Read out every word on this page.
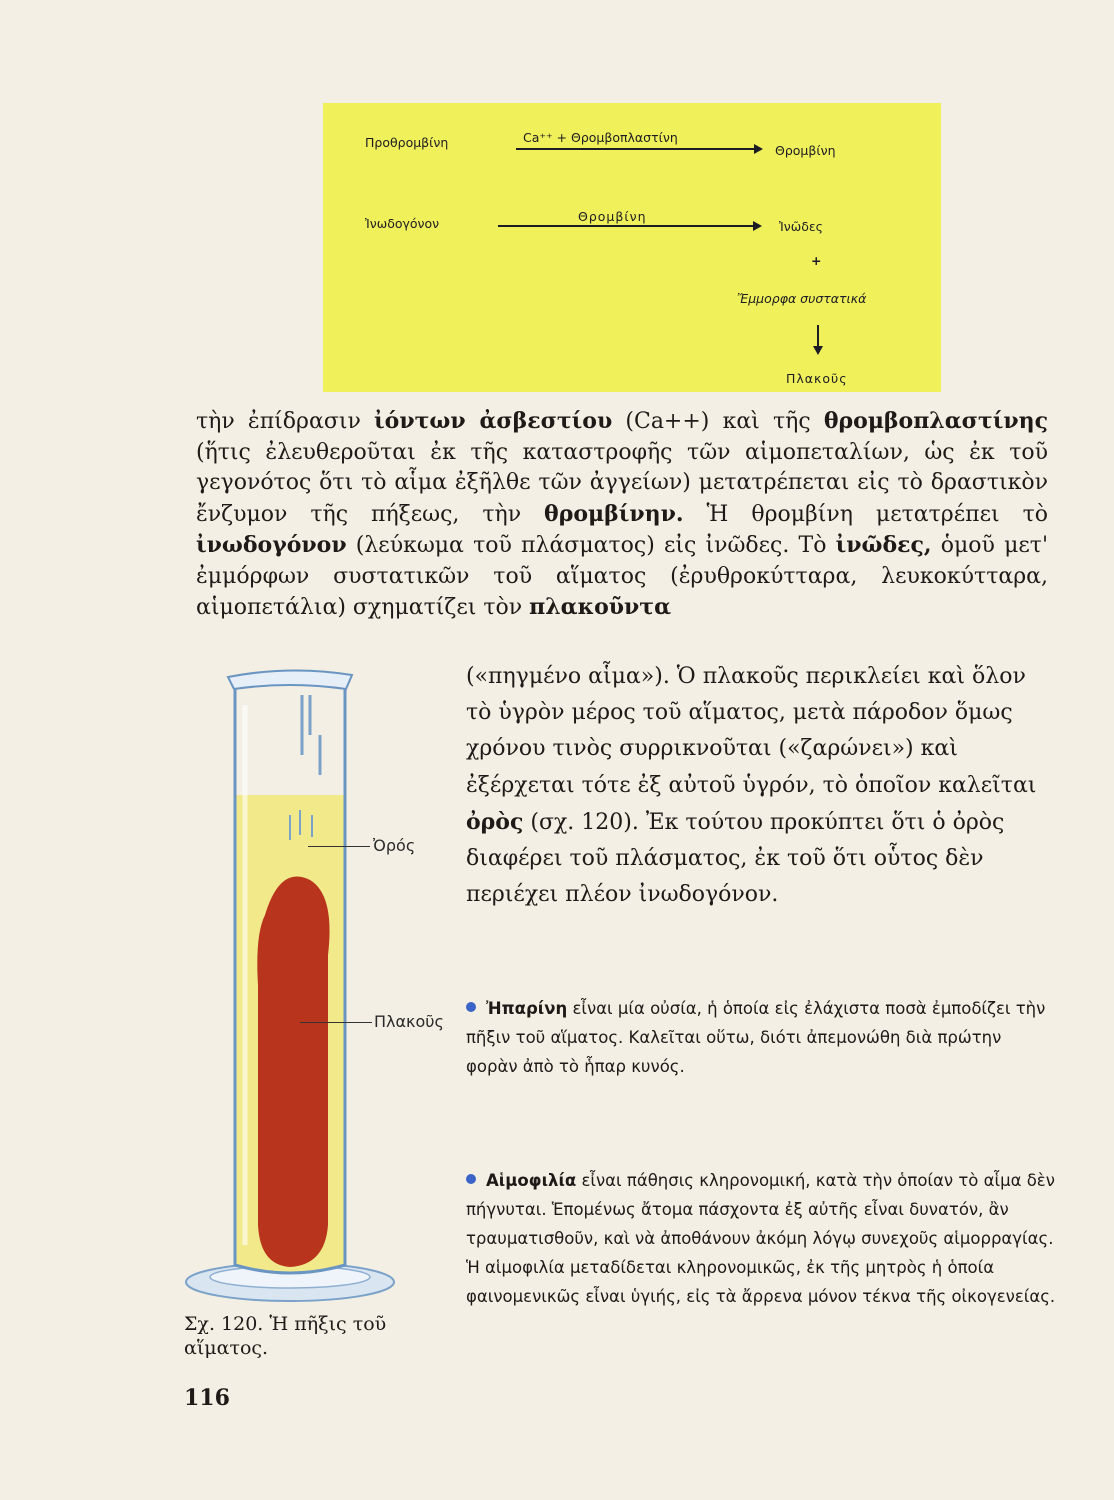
Προθρομβίνη	Ca⁺⁺ + Θρομβοπλαστίνη
Θρομβίνη
Ἰνωδογόνον	Θρομβίνη
Ἰνῶδες
+
Ἔμμορφα συστατικά
Πλακοῦς

τὴν ἐπίδρασιν ἰόντων ἀσβεστίου (Ca++) καὶ τῆς θρομβοπλαστίνης (ἥτις ἐλευθεροῦται ἐκ τῆς καταστροφῆς τῶν αἱμοπεταλίων, ὡς ἐκ τοῦ γεγονότος ὅτι τὸ αἷμα ἐξῆλθε τῶν ἀγγείων) μετατρέπεται εἰς τὸ δραστικὸν ἔνζυμον τῆς πήξεως, τὴν θρομβίνην. Ἡ θρομβίνη μετατρέπει τὸ ἰνωδογόνον (λεύκωμα τοῦ πλάσματος) εἰς ἰνῶδες. Τὸ ἰνῶδες, ὁμοῦ μετ' ἐμμόρφων συστατικῶν τοῦ αἵματος (ἐρυθροκύτταρα, λευκοκύτταρα, αἱμοπετάλια) σχηματίζει τὸν πλακοῦντα

(«πηγμένο αἷμα»). Ὁ πλακοῦς περικλείει καὶ ὅλον τὸ ὑγρὸν μέρος τοῦ αἵματος, μετὰ πάροδον ὅμως χρόνου τινὸς συρρικνοῦται («ζαρώνει») καὶ ἐξέρχεται τότε ἐξ αὐτοῦ ὑγρόν, τὸ ὁποῖον καλεῖται ὀρὸς (σχ. 120). Ἐκ τούτου προκύπτει ὅτι ὁ ὀρὸς διαφέρει τοῦ πλάσματος, ἐκ τοῦ ὅτι οὗτος δὲν περιέχει πλέον ἰνωδογόνον.

Ὀρός
Πλακοῦς
Σχ. 120. Ἡ πῆξις τοῦ αἵματος.
116

Ἠπαρίνη εἶναι μία οὐσία, ἡ ὁποία εἰς ἐλάχιστα ποσὰ ἐμποδίζει τὴν πῆξιν τοῦ αἵματος. Καλεῖται οὕτω, διότι ἀπεμονώθη διὰ πρώτην φορὰν ἀπὸ τὸ ἧπαρ κυνός.

Αἱμοφιλία εἶναι πάθησις κληρονομική, κατὰ τὴν ὁποίαν τὸ αἷμα δὲν πήγνυται. Ἑπομένως ἄτομα πάσχοντα ἐξ αὐτῆς εἶναι δυνατόν, ἂν τραυματισθοῦν, καὶ νὰ ἀποθάνουν ἀκόμη λόγῳ συνεχοῦς αἱμορραγίας. Ἡ αἱμοφιλία μεταδίδεται κληρονομικῶς, ἐκ τῆς μητρὸς ἡ ὁποία φαινομενικῶς εἶναι ὑγιής, εἰς τὰ ἄρρενα μόνον τέκνα τῆς οἰκογενείας.
